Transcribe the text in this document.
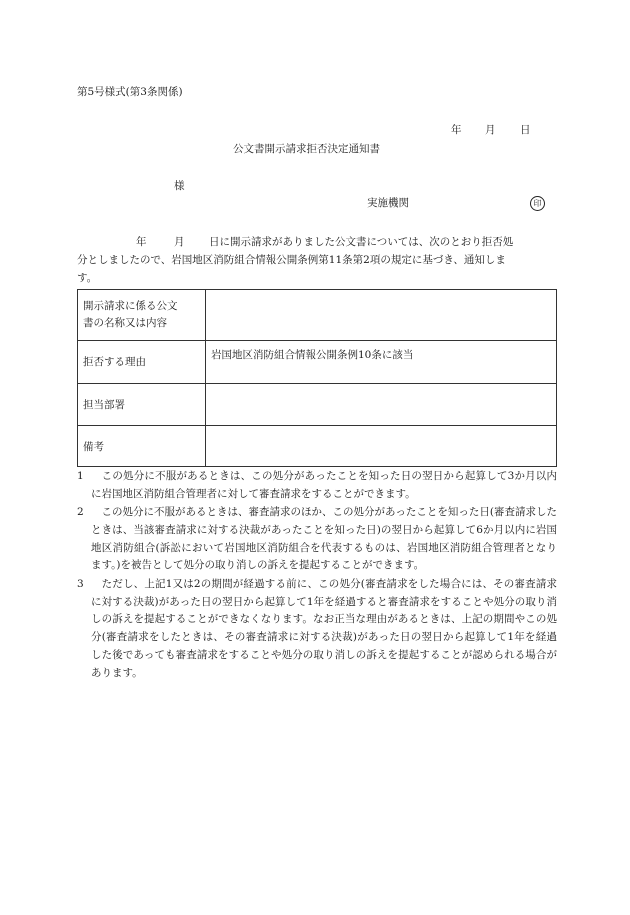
第5号様式(第3条関係)
年 月 日
公文書開示請求拒否決定通知書
様
実施機関	印
年	月 日に開示請求がありました公文書については、次のとおり拒否処
分としましたので、岩国地区消防組合情報公開条例第11条第2項の規定に基づき、通知しま
す。
開示請求に係る公文
書の名称又は内容	

拒否する理由	岩国地区消防組合情報公開条例10条に該当
担当部署	
備考	
1 　この処分に不服があるときは、この処分があったことを知った日の翌日から起算して3か月以内に岩国地区消防組合管理者に対して審査請求をすることができます。
2 　この処分に不服があるときは、審査請求のほか、この処分があったことを知った日(審査請求したときは、当該審査請求に対する決裁があったことを知った日)の翌日から起算して6か月以内に岩国地区消防組合(訴訟において岩国地区消防組合を代表するものは、岩国地区消防組合管理者となります。)を被告として処分の取り消しの訴えを提起することができます。
3 　ただし、上記1又は2の期間が経過する前に、この処分(審査請求をした場合には、その審査請求に対する決裁)があった日の翌日から起算して1年を経過すると審査請求をすることや処分の取り消しの訴えを提起することができなくなります。なお正当な理由があるときは、上記の期間やこの処分(審査請求をしたときは、その審査請求に対する決裁)があった日の翌日から起算して1年を経過した後であっても審査請求をすることや処分の取り消しの訴えを提起することが認められる場合があります。
